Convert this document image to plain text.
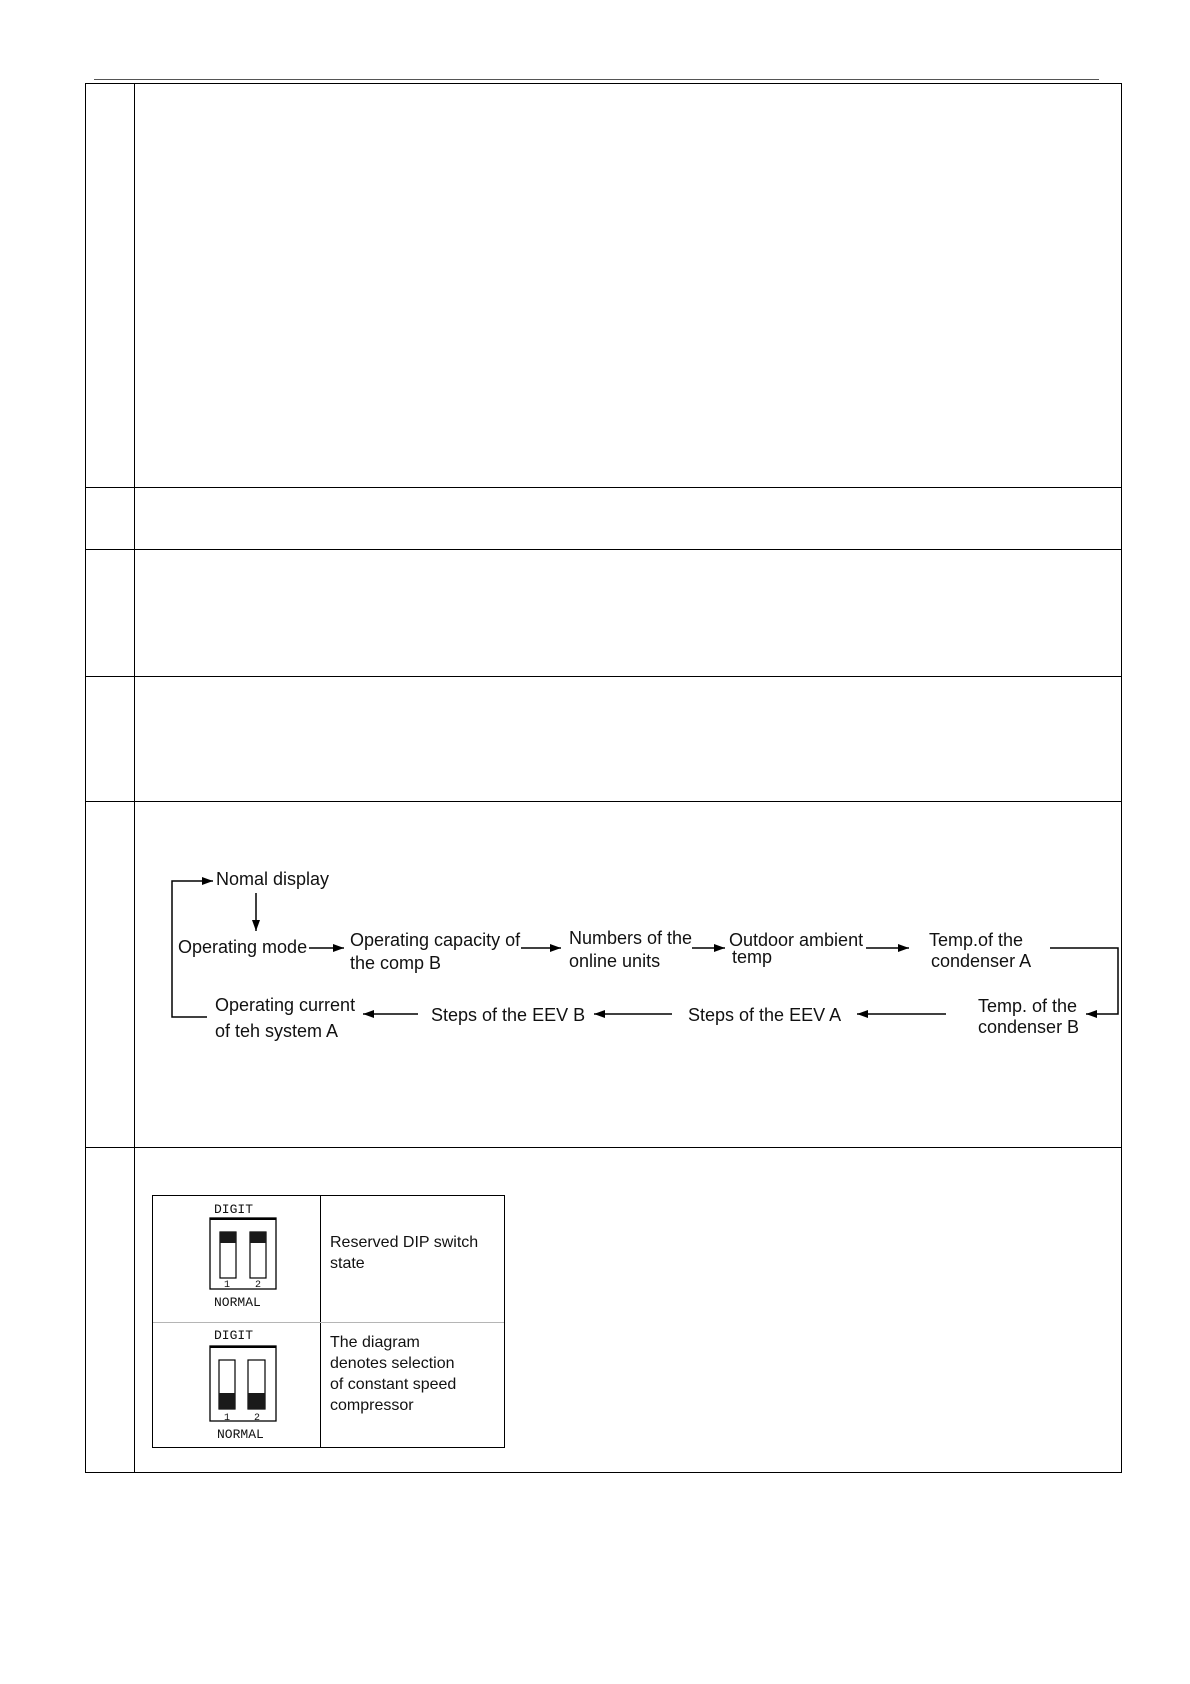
Nomal display
Operating mode Operating capacity of
the comp B
Numbers of the
online units
Outdoor ambient
temp
Temp.of the
condenser A
Temp. of the
condenser B
Steps of the EEV A
Steps of the EEV B
Operating current
of teh system A
DIGIT
1 2
NORMAL
Reserved DIP switch
state
DIGIT
1 2
NORMAL
The diagram
denotes selection
of constant speed
compressor
